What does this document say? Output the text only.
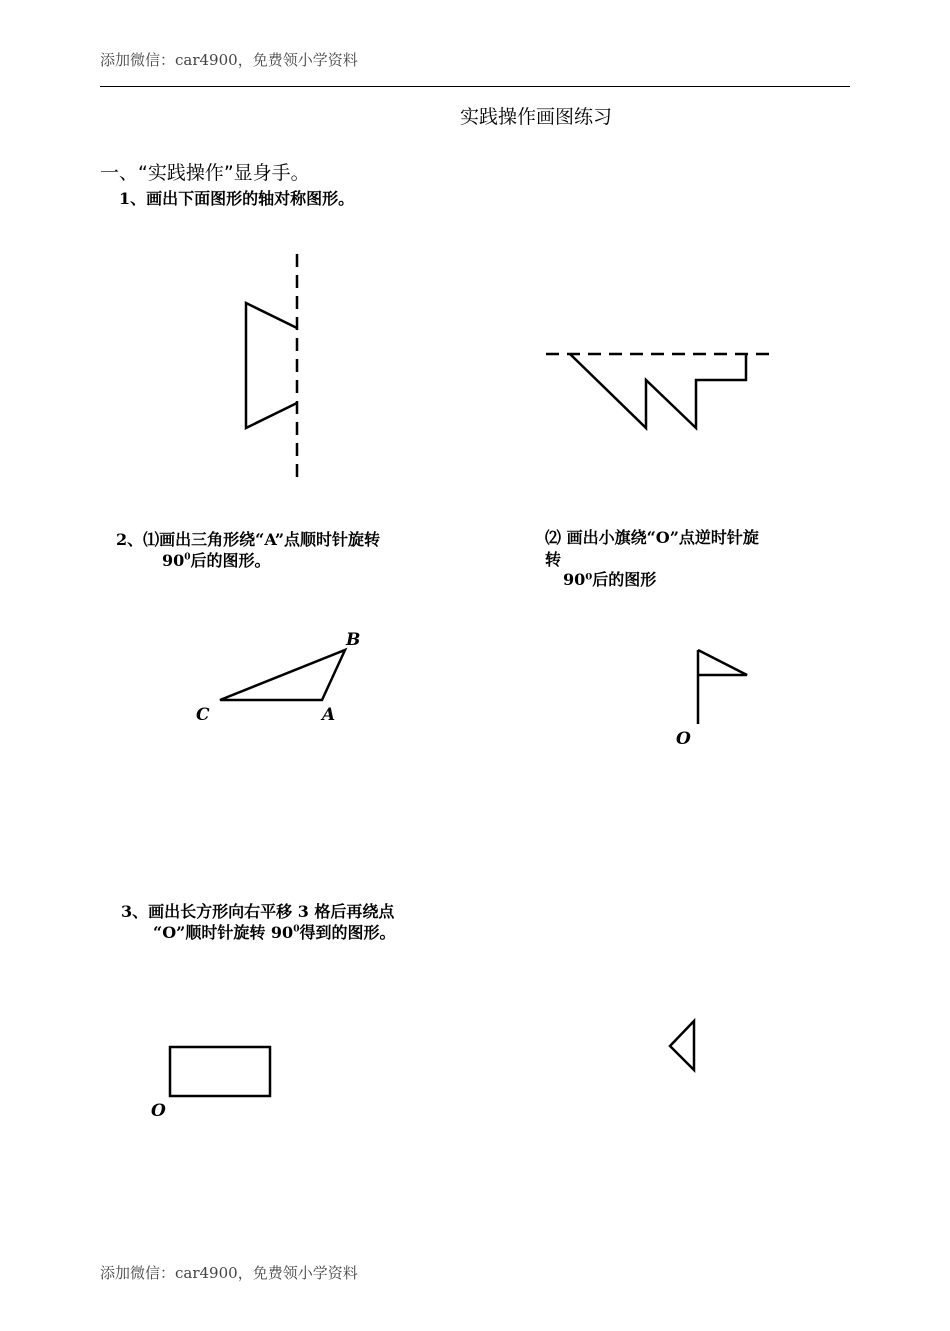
添加微信：car4900，免费领小学资料
实践操作画图练习
一、“实践操作”显身手。
1、画出下面图形的轴对称图形。
2、⑴画出三角形绕“A”点顺时针旋转
$90^0$后的图形。
⑵ 画出小旗绕“O”点逆时针旋
转
90⁰后的图形
B
C	A
O
3、画出长方形向右平移 3 格后再绕点
“O”顺时针旋转 $90^0$得到的图形。
O
添加微信：car4900，免费领小学资料
